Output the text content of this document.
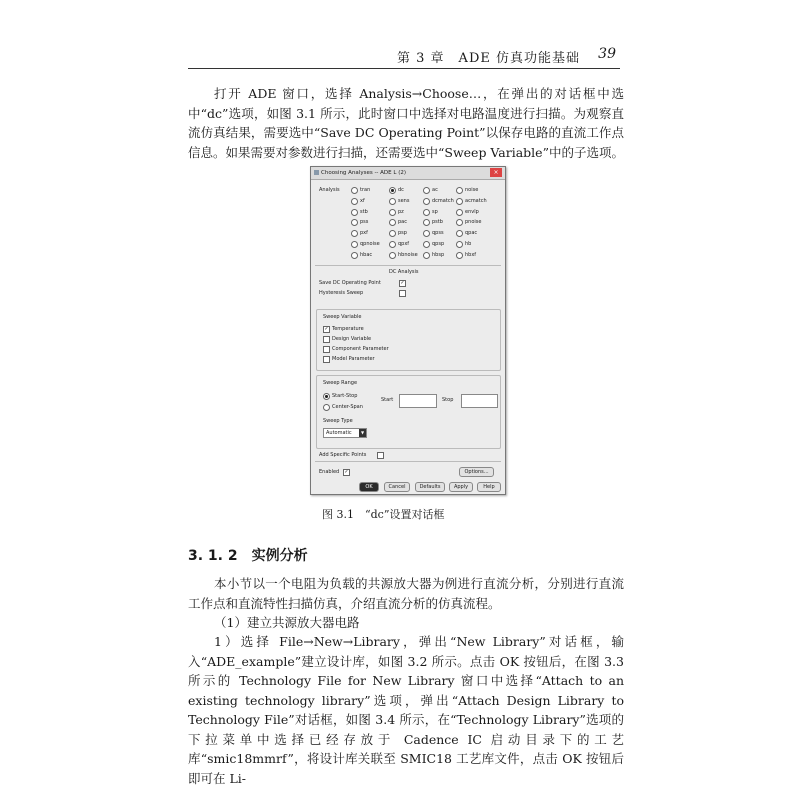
第 3 章　ADE 仿真功能基础 39

打开 ADE 窗口，选择 Analysis→Choose…，在弹出的对话框中选中“dc”选项，如图 3.1 所示，此时窗口中选择对电路温度进行扫描。为观察直流仿真结果，需要选中“Save DC Operating Point”以保存电路的直流工作点信息。如果需要对参数进行扫描，还需要选中“Sweep Variable”中的子选项。

Choosing Analyses -- ADE L (2)	×
Analysis	tran	dc	ac	noise
xf	sens	dcmatch acmatch
stb	pz	sp	envlp
pss	pac	pstb	pnoise
pxf	psp	qpss	qpac
qpnoise	qpxf	qpsp	hb
hbac	hbnoise	hbsp	hbxf
DC Analysis
Save DC Operating Point	✓
Hysteresis Sweep
Sweep Variable
✓ Temperature
Design Variable
Component Parameter
Model Parameter
Sweep Range
Start-Stop
Center-Span
Start	Stop
Sweep Type
Automatic	▼
Add Specific Points
Enabled ✓	Options...
OK	Cancel	Defaults	Apply	Help
图 3.1　“dc”设置对话框
3. 1. 2　实例分析

本小节以一个电阻为负载的共源放大器为例进行直流分析，分别进行直流工作点和直流特性扫描仿真，介绍直流分析的仿真流程。

（1）建立共源放大器电路

1）选择 File→New→Library，弹出“New Library”对话框，输入“ADE_example”建立设计库，如图 3.2 所示。点击 OK 按钮后，在图 3.3 所示的 Technology File for New Library 窗口中选择“Attach to an existing technology library”选项，弹出“Attach Design Library to Technology File”对话框，如图 3.4 所示，在“Technology Library”选项的下拉菜单中选择已经存放于 Cadence IC 启动目录下的工艺库“smic18mmrf”，将设计库关联至 SMIC18 工艺库文件，点击 OK 按钮后即可在 Li-
